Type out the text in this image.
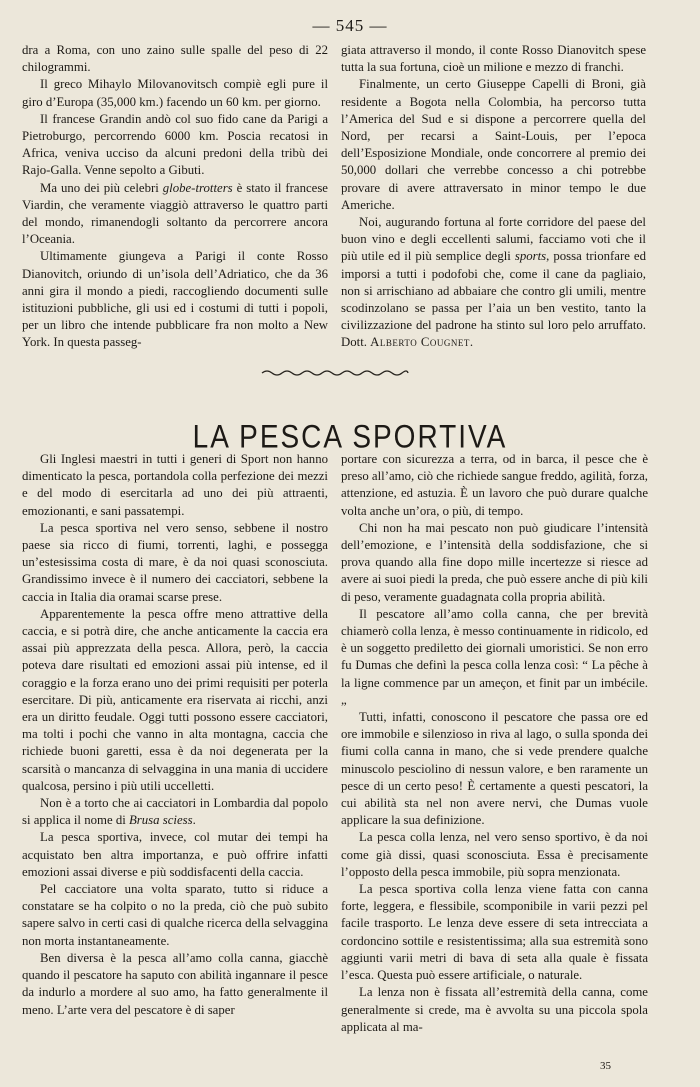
— 545 —

dra a Roma, con uno zaino sulle spalle del peso di 22 chilogrammi.

Il greco Mihaylo Milovanovitsch compiè egli pure il giro d’Europa (35,000 km.) facendo un 60 km. per giorno.

Il francese Grandin andò col suo fido cane da Parigi a Pietroburgo, percorrendo 6000 km. Poscia recatosi in Africa, veniva ucciso da alcuni predoni della tribù dei Rajo-Galla. Venne sepolto a Gibuti.

Ma uno dei più celebri globe-trotters è stato il francese Viardin, che veramente viaggiò attraverso le quattro parti del mondo, rimanendogli soltanto da percorrere ancora l’Oceania.

Ultimamente giungeva a Parigi il conte Rosso Dianovitch, oriundo di un’isola dell’Adriatico, che da 36 anni gira il mondo a piedi, raccogliendo documenti sulle istituzioni pubbliche, gli usi ed i costumi di tutti i popoli, per un libro che intende pubblicare fra non molto a New York. In questa passeg-

giata attraverso il mondo, il conte Rosso Dianovitch spese tutta la sua fortuna, cioè un milione e mezzo di franchi.

Finalmente, un certo Giuseppe Capelli di Broni, già residente a Bogota nella Colombia, ha percorso tutta l’America del Sud e si dispone a percorrere quella del Nord, per recarsi a Saint-Louis, per l’epoca dell’Esposizione Mondiale, onde concorrere al premio dei 50,000 dollari che verrebbe concesso a chi potrebbe provare di avere attraversato in minor tempo le due Americhe.

Noi, augurando fortuna al forte corridore del paese del buon vino e degli eccellenti salumi, facciamo voti che il più utile ed il più semplice degli sports, possa trionfare ed imporsi a tutti i podofobi che, come il cane da pagliaio, non si arrischiano ad abbaiare che contro gli umili, mentre scodinzolano se passa per l’aia un ben vestito, tanto la civilizzazione del padrone ha stinto sul loro pelo arruffato. Dott. Alberto Cougnet.

LA PESCA SPORTIVA

Gli Inglesi maestri in tutti i generi di Sport non hanno dimenticato la pesca, portandola colla perfezione dei mezzi e del modo di esercitarla ad uno dei più attraenti, emozionanti, e sani passatempi.

La pesca sportiva nel vero senso, sebbene il nostro paese sia ricco di fiumi, torrenti, laghi, e possegga un’estesissima costa di mare, è da noi quasi sconosciuta. Grandissimo invece è il numero dei cacciatori, sebbene la caccia in Italia dia oramai scarse prese.

Apparentemente la pesca offre meno attrattive della caccia, e si potrà dire, che anche anticamente la caccia era assai più apprezzata della pesca. Allora, però, la caccia poteva dare risultati ed emozioni assai più intense, ed il coraggio e la forza erano uno dei primi requisiti per poterla esercitare. Di più, anticamente era riservata ai ricchi, anzi era un diritto feudale. Oggi tutti possono essere cacciatori, ma tolti i pochi che vanno in alta montagna, caccia che richiede buoni garetti, essa è da noi degenerata per la scarsità o mancanza di selvaggina in una mania di uccidere qualcosa, persino i più utili uccelletti.

Non è a torto che ai cacciatori in Lombardia dal popolo si applica il nome di Brusa sciess.

La pesca sportiva, invece, col mutar dei tempi ha acquistato ben altra importanza, e può offrire infatti emozioni assai diverse e più soddisfacenti della caccia.

Pel cacciatore una volta sparato, tutto si riduce a constatare se ha colpito o no la preda, ciò che può subito sapere salvo in certi casi di qualche ricerca della selvaggina non morta instantaneamente.

Ben diversa è la pesca all’amo colla canna, giacchè quando il pescatore ha saputo con abilità ingannare il pesce da indurlo a mordere al suo amo, ha fatto generalmente il meno. L’arte vera del pescatore è di saper

portare con sicurezza a terra, od in barca, il pesce che è preso all’amo, ciò che richiede sangue freddo, agilità, forza, attenzione, ed astuzia. È un lavoro che può durare qualche volta anche un’ora, o più, di tempo.

Chi non ha mai pescato non può giudicare l’intensità dell’emozione, e l’intensità della soddisfazione, che si prova quando alla fine dopo mille incertezze si riesce ad avere ai suoi piedi la preda, che può essere anche di più kili di peso, veramente guadagnata colla propria abilità.

Il pescatore all’amo colla canna, che per brevità chiamerò colla lenza, è messo continuamente in ridicolo, ed è un soggetto prediletto dei giornali umoristici. Se non erro fu Dumas che definì la pesca colla lenza così: “ La pêche à la ligne commence par un ameçon, et finit par un imbécile. „

Tutti, infatti, conoscono il pescatore che passa ore ed ore immobile e silenzioso in riva al lago, o sulla sponda dei fiumi colla canna in mano, che si vede prendere qualche minuscolo pesciolino di nessun valore, e ben raramente un pesce di un certo peso! È certamente a questi pescatori, la cui abilità sta nel non avere nervi, che Dumas vuole applicare la sua definizione.

La pesca colla lenza, nel vero senso sportivo, è da noi come già dissi, quasi sconosciuta. Essa è precisamente l’opposto della pesca immobile, più sopra menzionata.

La pesca sportiva colla lenza viene fatta con canna forte, leggera, e flessibile, scomponibile in varii pezzi pel facile trasporto. Le lenza deve essere di seta intrecciata a cordoncino sottile e resistentissima; alla sua estremità sono aggiunti varii metri di bava di seta alla quale è fissata l’esca. Questa può essere artificiale, o naturale.

La lenza non è fissata all’estremità della canna, come generalmente si crede, ma è avvolta su una piccola spola applicata al ma-

35
